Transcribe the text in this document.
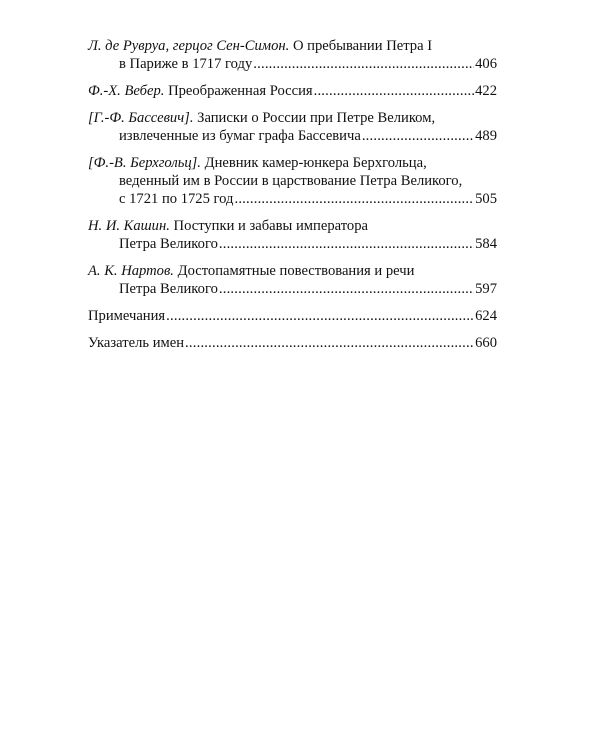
Л. де Рувруа, герцог Сен-Симон. О пребывании Петра I
в Париже в 1717 году .....	406
Ф.-Х. Вебер. Преображенная Россия .....	422
[Г.-Ф. Бассевич]. Записки о России при Петре Великом,
извлеченные из бумаг графа Бассевича .....	489
[Ф.-В. Берхгольц]. Дневник камер-юнкера Берхгольца,
веденный им в России в царствование Петра Великого,
с 1721 по 1725 год .....	505
Н. И. Кашин. Поступки и забавы императора
Петра Великого .....	584
А. К. Нартов. Достопамятные повествования и речи
Петра Великого .....	597
Примечания .....	624
Указатель имен .....	660
